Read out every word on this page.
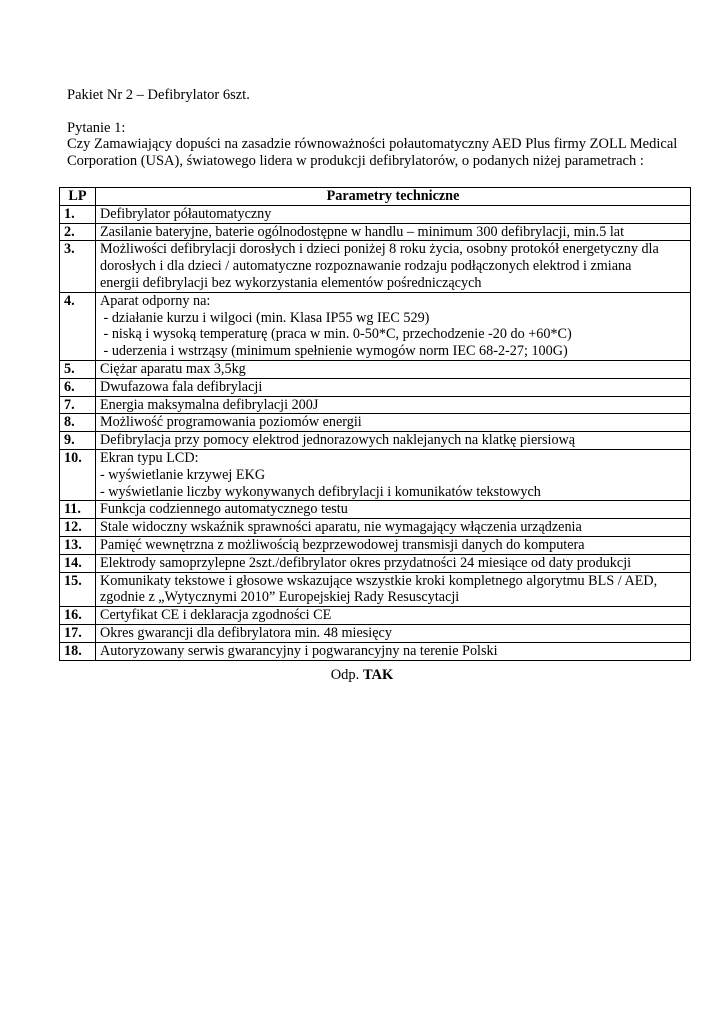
Pakiet Nr 2 – Defibrylator 6szt.
Pytanie 1:
Czy Zamawiający dopuści na zasadzie równoważności połautomatyczny AED Plus firmy ZOLL Medical Corporation (USA), światowego lidera w produkcji defibrylatorów, o podanych niżej parametrach :
LP	Parametry techniczne
1.	Defibrylator półautomatyczny

2.	Zasilanie bateryjne, baterie ogólnodostępne w handlu – minimum 300 defibrylacji, min.5 lat

3.	Możliwości defibrylacji dorosłych i dzieci poniżej 8 roku życia, osobny protokół energetyczny dla
dorosłych i dla dzieci / automatyczne rozpoznawanie rodzaju podłączonych elektrod i zmiana
energii defibrylacji bez wykorzystania elementów pośredniczących

4.	Aparat odporny na:
- działanie kurzu i wilgoci (min. Klasa IP55 wg IEC 529)
- niską i wysoką temperaturę (praca w min. 0-50*C, przechodzenie -20 do +60*C)
- uderzenia i wstrząsy (minimum spełnienie wymogów norm IEC 68-2-27; 100G)

5.	Ciężar aparatu max 3,5kg

6.	Dwufazowa fala defibrylacji

7.	Energia maksymalna defibrylacji 200J

8.	Możliwość programowania poziomów energii

9.	Defibrylacja przy pomocy elektrod jednorazowych naklejanych na klatkę piersiową

10.	Ekran typu LCD:
- wyświetlanie krzywej EKG
- wyświetlanie liczby wykonywanych defibrylacji i komunikatów tekstowych

11.	Funkcja codziennego automatycznego testu

12.	Stale widoczny wskaźnik sprawności aparatu, nie wymagający włączenia urządzenia

13.	Pamięć wewnętrzna z możliwością bezprzewodowej transmisji danych do komputera

14.	Elektrody samoprzylepne 2szt./defibrylator okres przydatności 24 miesiące od daty produkcji

15.	Komunikaty tekstowe i głosowe wskazujące wszystkie kroki kompletnego algorytmu BLS / AED,
zgodnie z „Wytycznymi 2010” Europejskiej Rady Resuscytacji

16.	Certyfikat CE i deklaracja zgodności CE

17.	Okres gwarancji dla defibrylatora min. 48 miesięcy

18.	Autoryzowany serwis gwarancyjny i pogwarancyjny na terenie Polski
Odp. TAK
